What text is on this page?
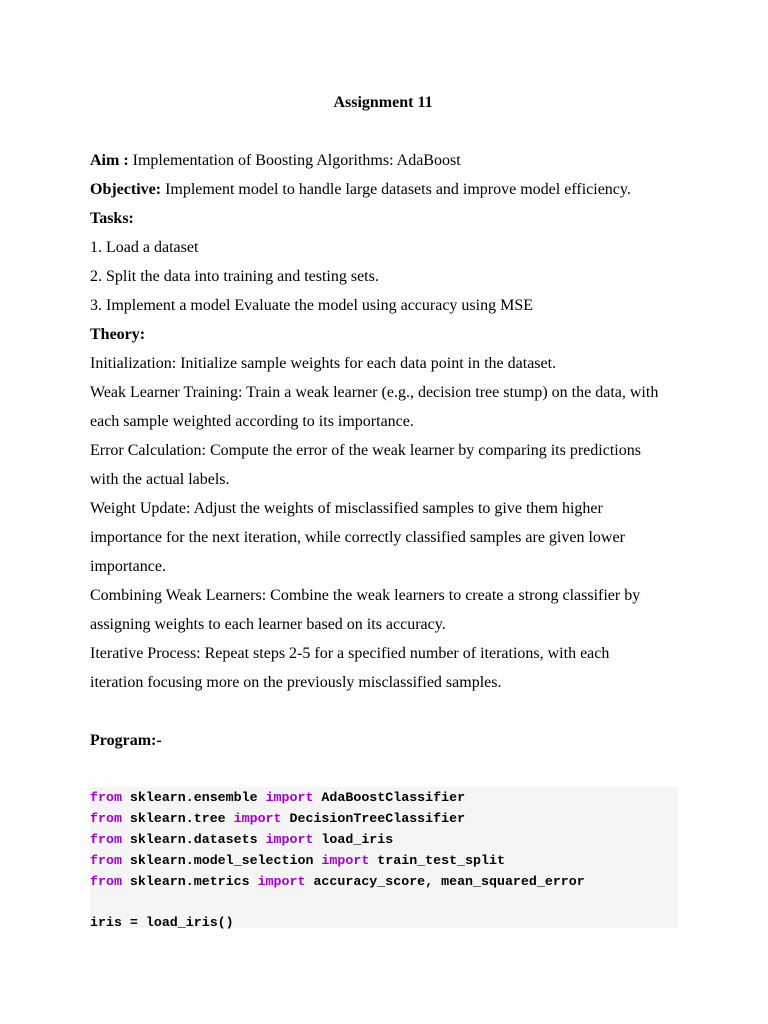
Assignment 11
Aim : Implementation of Boosting Algorithms: AdaBoost
Objective: Implement model to handle large datasets and improve model efficiency.
Tasks:
1. Load a dataset
2. Split the data into training and testing sets.
3. Implement a model Evaluate the model using accuracy using MSE
Theory:
Initialization: Initialize sample weights for each data point in the dataset.
Weak Learner Training: Train a weak learner (e.g., decision tree stump) on the data, with
each sample weighted according to its importance.
Error Calculation: Compute the error of the weak learner by comparing its predictions
with the actual labels.
Weight Update: Adjust the weights of misclassified samples to give them higher
importance for the next iteration, while correctly classified samples are given lower
importance.
Combining Weak Learners: Combine the weak learners to create a strong classifier by
assigning weights to each learner based on its accuracy.
Iterative Process: Repeat steps 2-5 for a specified number of iterations, with each
iteration focusing more on the previously misclassified samples.
Program:-
from sklearn.ensemble import AdaBoostClassifier
from sklearn.tree import DecisionTreeClassifier
from sklearn.datasets import load_iris
from sklearn.model_selection import train_test_split
from sklearn.metrics import accuracy_score, mean_squared_error
iris = load_iris()
